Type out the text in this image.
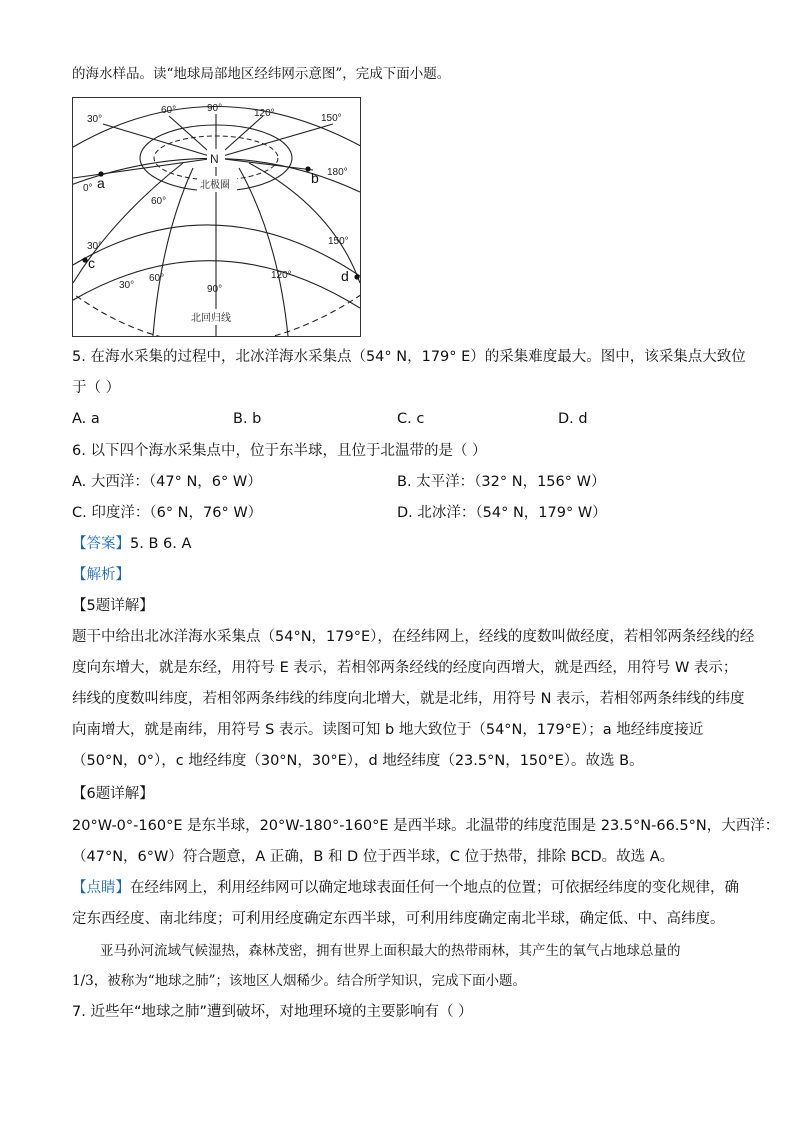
的海水样品。读“地球局部地区经纬网示意图”，完成下面小题。
60°	90°	120°	150°
30°
0°
180°
60°
30°	150°
30°
60°
90°
120°
N
北极圈
北回归线
a	b
c
d
5. 在海水采集的过程中，北冰洋海水采集点（54° N，179° E）的采集难度最大。图中，该采集点大致位
于（ ）
A. a	B. b	C. c	D. d
6. 以下四个海水采集点中，位于东半球，且位于北温带的是（ ）
A. 大西洋：（47° N，6° W）	B. 太平洋：（32° N，156° W）
C. 印度洋：（6° N，76° W）	D. 北冰洋：（54° N，179° W）
【答案】5. B 6. A
【解析】
【5题详解】
题干中给出北冰洋海水采集点（54°N，179°E），在经纬网上，经线的度数叫做经度，若相邻两条经线的经
度向东增大，就是东经，用符号 E 表示，若相邻两条经线的经度向西增大，就是西经，用符号 W 表示；
纬线的度数叫纬度，若相邻两条纬线的纬度向北增大，就是北纬，用符号 N 表示，若相邻两条纬线的纬度
向南增大，就是南纬，用符号 S 表示。读图可知 b 地大致位于（54°N，179°E）；a 地经纬度接近
（50°N，0°），c 地经纬度（30°N，30°E），d 地经纬度（23.5°N，150°E）。故选 B。
【6题详解】
20°W-0°-160°E 是东半球，20°W-180°-160°E 是西半球。北温带的纬度范围是 23.5°N-66.5°N，大西洋：
（47°N，6°W）符合题意，A 正确，B 和 D 位于西半球，C 位于热带，排除 BCD。故选 A。
【点睛】在经纬网上，利用经纬网可以确定地球表面任何一个地点的位置；可依据经纬度的变化规律，确
定东西经度、南北纬度；可利用经度确定东西半球，可利用纬度确定南北半球，确定低、中、高纬度。
亚马孙河流域气候湿热，森林茂密，拥有世界上面积最大的热带雨林，其产生的氧气占地球总量的
1/3，被称为“地球之肺”；该地区人烟稀少。结合所学知识，完成下面小题。
7. 近些年“地球之肺”遭到破坏，对地理环境的主要影响有（ ）
